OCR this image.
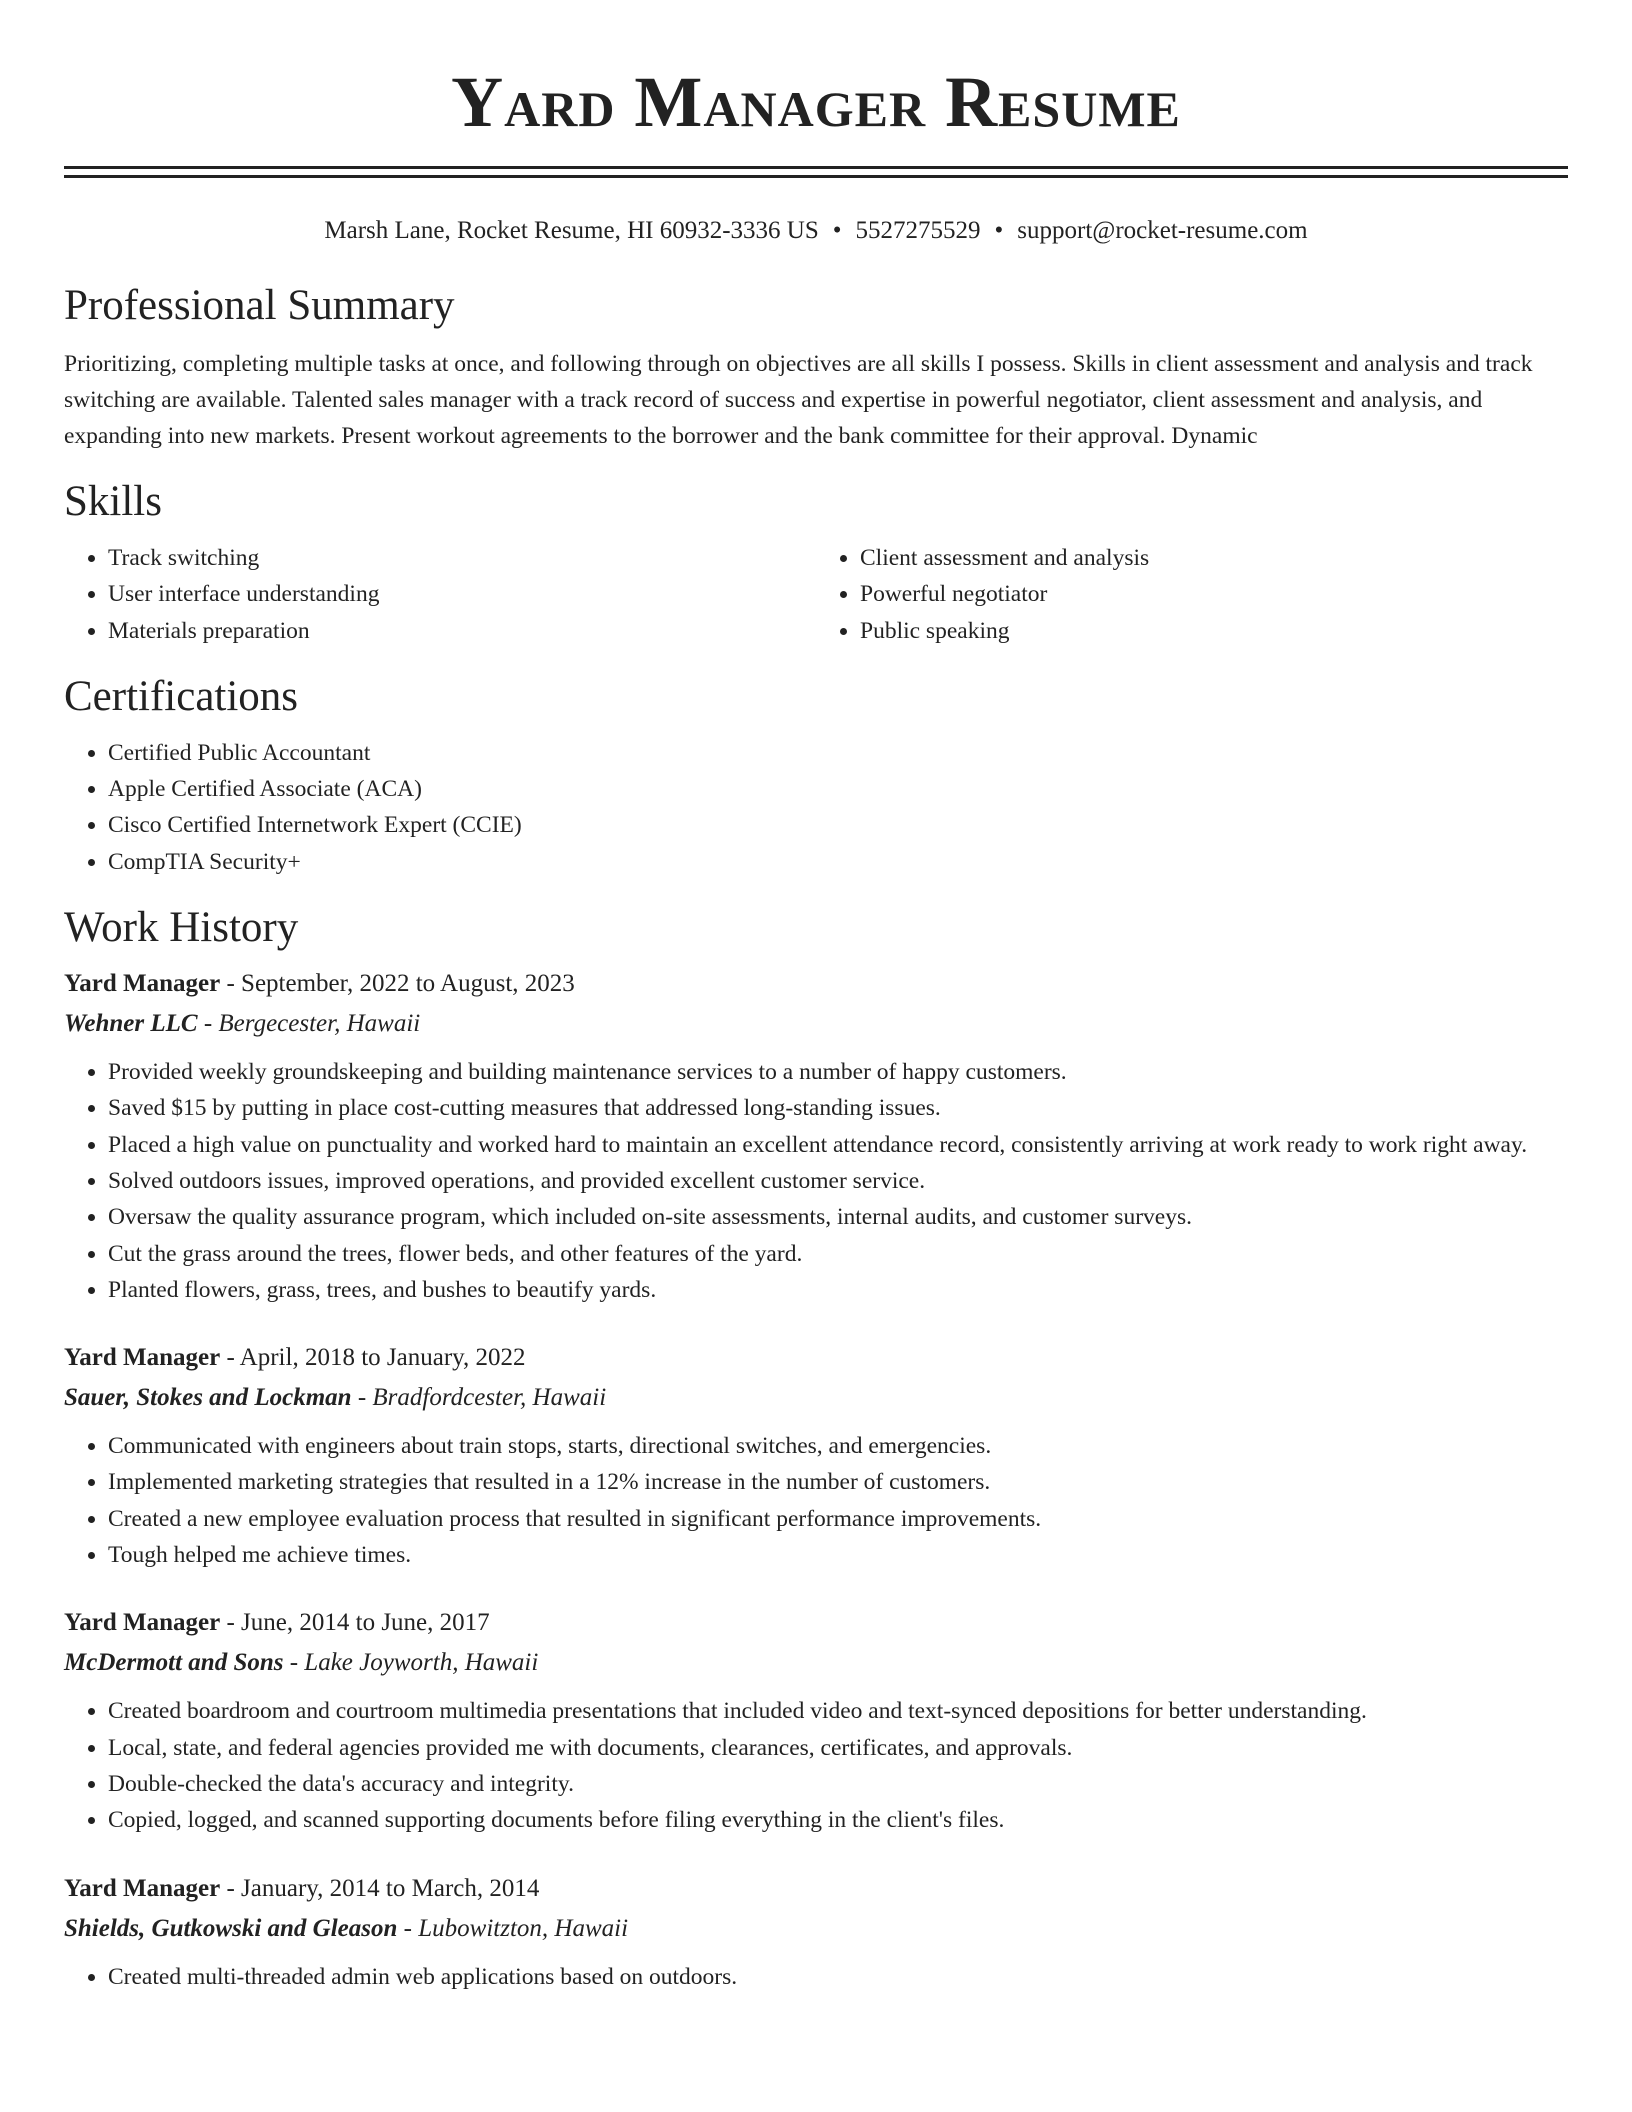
Yard Manager Resume
Marsh Lane, Rocket Resume, HI 60932-3336 US • 5527275529 • support@rocket-resume.com
Professional Summary
Prioritizing, completing multiple tasks at once, and following through on objectives are all skills I possess. Skills in client assessment and analysis and track switching are available. Talented sales manager with a track record of success and expertise in powerful negotiator, client assessment and analysis, and expanding into new markets. Present workout agreements to the borrower and the bank committee for their approval. Dynamic
Skills
• Track switching
• User interface understanding
• Materials preparation
• Client assessment and analysis
• Powerful negotiator
• Public speaking
Certifications
• Certified Public Accountant
• Apple Certified Associate (ACA)
• Cisco Certified Internetwork Expert (CCIE)
• CompTIA Security+
Work History
Yard Manager - September, 2022 to August, 2023
Wehner LLC - Bergecester, Hawaii
• Provided weekly groundskeeping and building maintenance services to a number of happy customers.
• Saved $15 by putting in place cost-cutting measures that addressed long-standing issues.
• Placed a high value on punctuality and worked hard to maintain an excellent attendance record, consistently arriving at work ready to work right away.
• Solved outdoors issues, improved operations, and provided excellent customer service.
• Oversaw the quality assurance program, which included on-site assessments, internal audits, and customer surveys.
• Cut the grass around the trees, flower beds, and other features of the yard.
• Planted flowers, grass, trees, and bushes to beautify yards.
Yard Manager - April, 2018 to January, 2022
Sauer, Stokes and Lockman - Bradfordcester, Hawaii
• Communicated with engineers about train stops, starts, directional switches, and emergencies.
• Implemented marketing strategies that resulted in a 12% increase in the number of customers.
• Created a new employee evaluation process that resulted in significant performance improvements.
• Tough helped me achieve times.
Yard Manager - June, 2014 to June, 2017
McDermott and Sons - Lake Joyworth, Hawaii
• Created boardroom and courtroom multimedia presentations that included video and text-synced depositions for better understanding.
• Local, state, and federal agencies provided me with documents, clearances, certificates, and approvals.
• Double-checked the data's accuracy and integrity.
• Copied, logged, and scanned supporting documents before filing everything in the client's files.
Yard Manager - January, 2014 to March, 2014
Shields, Gutkowski and Gleason - Lubowitzton, Hawaii
• Created multi-threaded admin web applications based on outdoors.
